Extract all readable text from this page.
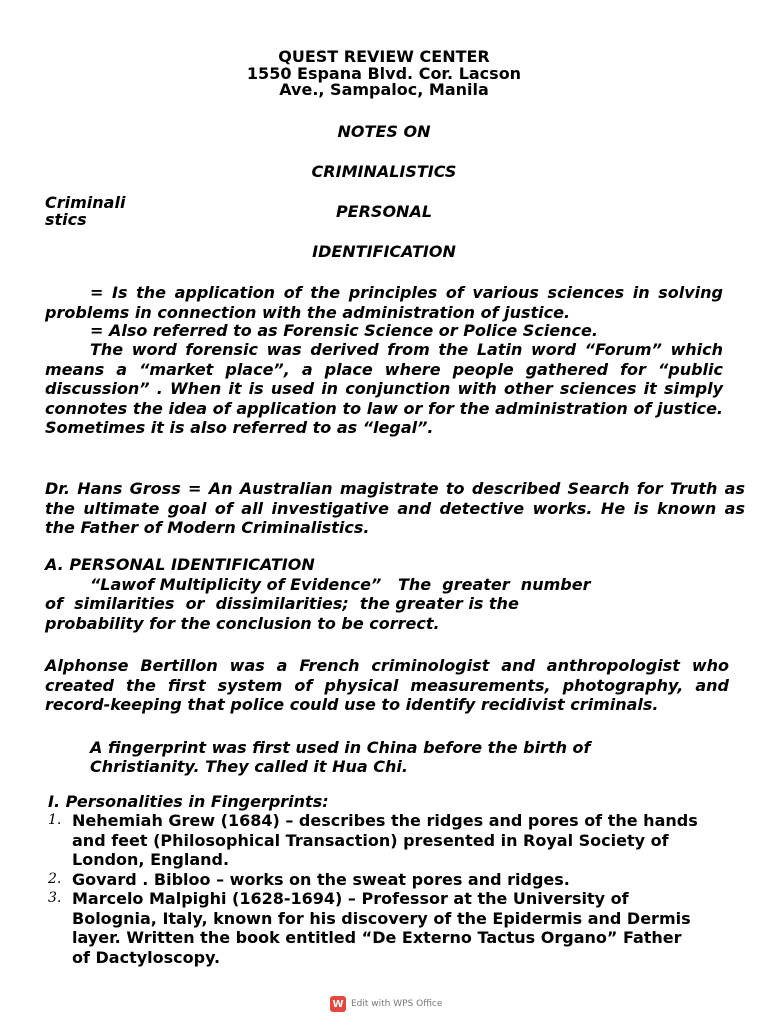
QUEST REVIEW CENTER
1550 Espana Blvd. Cor. Lacson
Ave., Sampaloc, Manila
NOTES ON
CRIMINALISTICS
PERSONAL
IDENTIFICATION
Criminali
stics
= Is the application of the principles of various sciences in solving problems in connection with the administration of justice.
= Also referred to as Forensic Science or Police Science.
The word forensic was derived from the Latin word “Forum” which means a “market place”, a place where people gathered for “public discussion” . When it is used in conjunction with other sciences it simply connotes the idea of application to law or for the administration of justice. Sometimes it is also referred to as “legal”.
Dr. Hans Gross = An Australian magistrate to described Search for Truth as the ultimate goal of all investigative and detective works. He is known as the Father of Modern Criminalistics.
A. PERSONAL IDENTIFICATION
“Lawof Multiplicity of Evidence”   The  greater  number
of  similarities  or  dissimilarities;  the greater is the
probability for the conclusion to be correct.
Alphonse Bertillon was a French criminologist and anthropologist who created the first system of physical measurements, photography, and record-keeping that police could use to identify recidivist criminals.
A fingerprint was first used in China before the birth of
Christianity. They called it Hua Chi.
I. Personalities in Fingerprints:
1. Nehemiah Grew (1684) – describes the ridges and pores of the hands and feet (Philosophical Transaction) presented in Royal Society of London, England.
2. Govard . Bibloo – works on the sweat pores and ridges.
3. Marcelo Malpighi (1628-1694) – Professor at the University of Bolognia, Italy, known for his discovery of the Epidermis and Dermis layer. Written the book entitled “De Externo Tactus Organo” Father of Dactyloscopy.
W Edit with WPS Office
